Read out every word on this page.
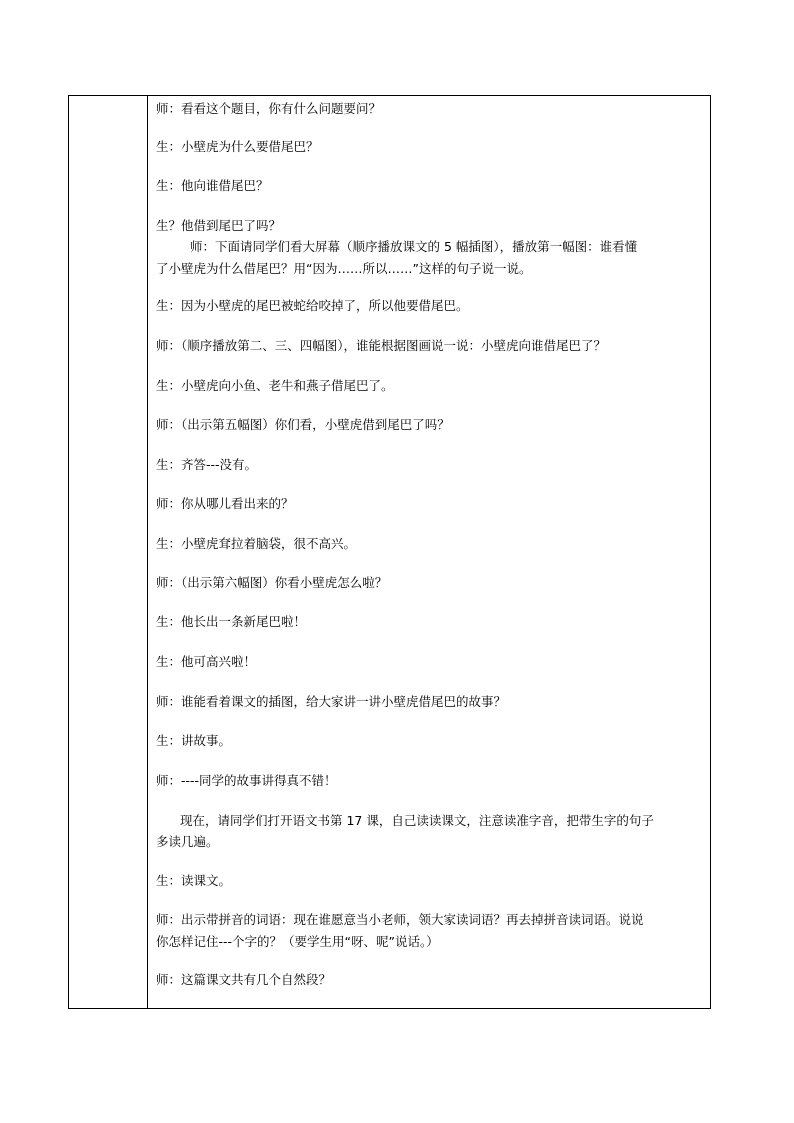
师：看看这个题目，你有什么问题要问？
生：小壁虎为什么要借尾巴？
生：他向谁借尾巴？
生？他借到尾巴了吗？
师：下面请同学们看大屏幕（顺序播放课文的 5 幅插图），播放第一幅图：谁看懂
了小壁虎为什么借尾巴？用“因为……所以……”这样的句子说一说。
生：因为小壁虎的尾巴被蛇给咬掉了，所以他要借尾巴。
师：（顺序播放第二、三、四幅图），谁能根据图画说一说：小壁虎向谁借尾巴了？
生：小壁虎向小鱼、老牛和燕子借尾巴了。
师：（出示第五幅图）你们看，小壁虎借到尾巴了吗？
生：齐答---没有。
师：你从哪儿看出来的？
生：小壁虎耷拉着脑袋，很不高兴。
师：（出示第六幅图）你看小壁虎怎么啦？
生：他长出一条新尾巴啦！
生：他可高兴啦！
师：谁能看着课文的插图，给大家讲一讲小壁虎借尾巴的故事？
生：讲故事。
师：----同学的故事讲得真不错！
现在，请同学们打开语文书第 17 课，自己读读课文，注意读准字音，把带生字的句子
多读几遍。
生：读课文。
师：出示带拼音的词语：现在谁愿意当小老师，领大家读词语？再去掉拼音读词语。说说
你怎样记住---个字的？（要学生用“呀、呢”说话。）
师：这篇课文共有几个自然段？
